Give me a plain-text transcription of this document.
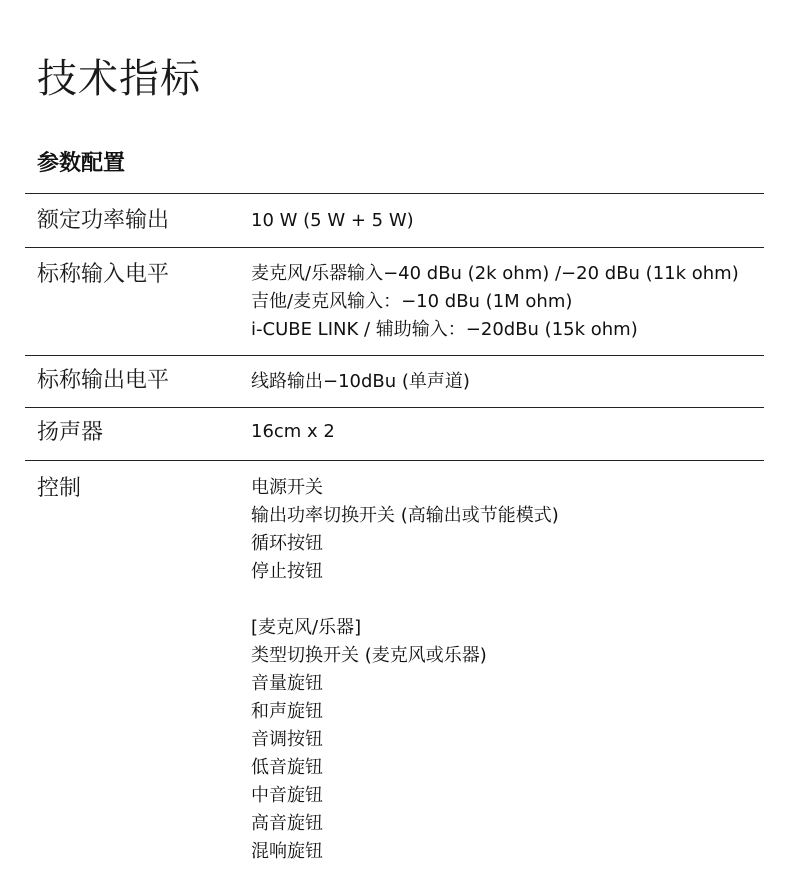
技术指标
参数配置
额定功率输出	10 W (5 W + 5 W)
标称输入电平	麦克风/乐器输入−40 dBu (2k ohm) /−20 dBu (11k ohm)
吉他/麦克风输入：−10 dBu (1M ohm)
i-CUBE LINK / 辅助输入：−20dBu (15k ohm)
标称输出电平	线路输出−10dBu (单声道)
扬声器	16cm x 2
控制	电源开关
输出功率切换开关 (高输出或节能模式)
循环按钮
停止按钮
[麦克风/乐器]
类型切换开关 (麦克风或乐器)
音量旋钮
和声旋钮
音调按钮
低音旋钮
中音旋钮
高音旋钮
混响旋钮
